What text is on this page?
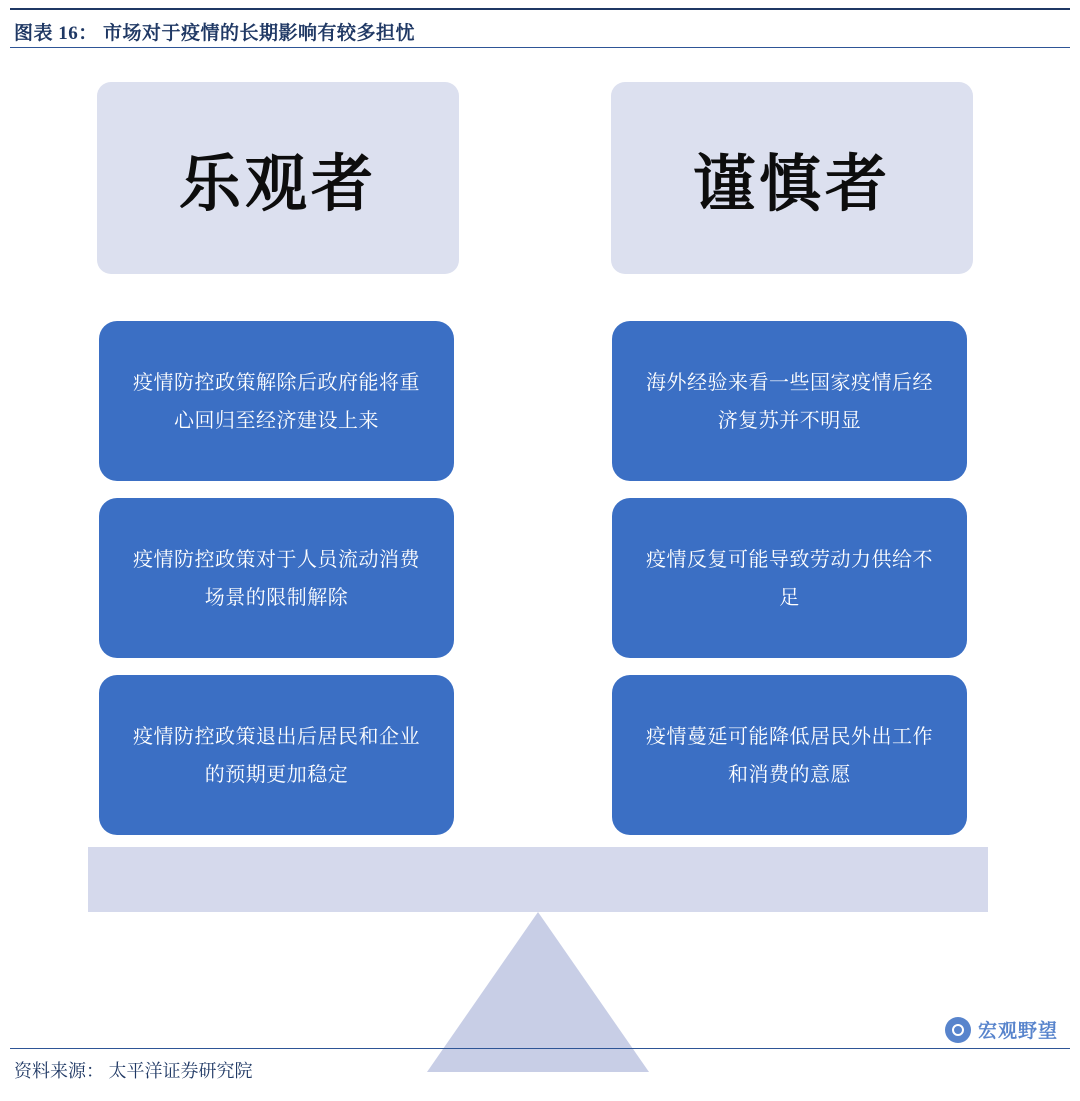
图表 16： 市场对于疫情的长期影响有较多担忧
乐观者	谨慎者
疫情防控政策解除后政府能将重心回归至经济建设上来
疫情防控政策对于人员流动消费场景的限制解除
疫情防控政策退出后居民和企业的预期更加稳定
海外经验来看一些国家疫情后经济复苏并不明显
疫情反复可能导致劳动力供给不足
疫情蔓延可能降低居民外出工作和消费的意愿
宏观野望
资料来源： 太平洋证券研究院
